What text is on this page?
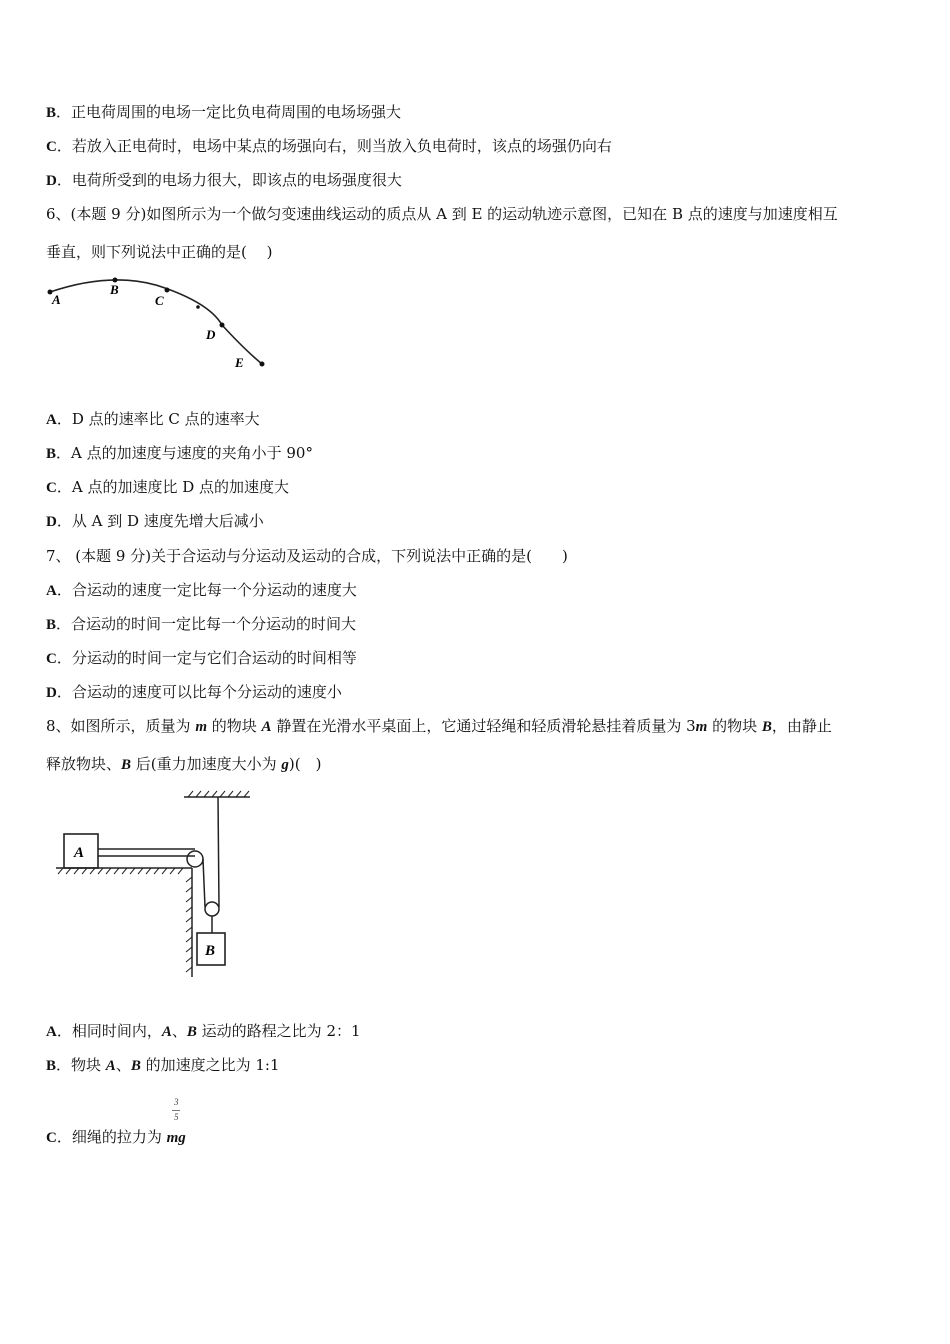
B．正电荷周围的电场一定比负电荷周围的电场场强大
C．若放入正电荷时，电场中某点的场强向右，则当放入负电荷时，该点的场强仍向右
D．电荷所受到的电场力很大，即该点的电场强度很大
6、(本题 9 分)如图所示为一个做匀变速曲线运动的质点从 A 到 E 的运动轨迹示意图，已知在 B 点的速度与加速度相互
垂直，则下列说法中正确的是(　 )
A
B
C
D
E
A．D 点的速率比 C 点的速率大
B．A 点的加速度与速度的夹角小于 90°
C．A 点的加速度比 D 点的加速度大
D．从 A 到 D 速度先增大后减小
7、 (本题 9 分)关于合运动与分运动及运动的合成，下列说法中正确的是(　　)
A．合运动的速度一定比每一个分运动的速度大
B．合运动的时间一定比每一个分运动的时间大
C．分运动的时间一定与它们合运动的时间相等
D．合运动的速度可以比每个分运动的速度小
8、如图所示，质量为 m 的物块 A 静置在光滑水平桌面上，它通过轻绳和轻质滑轮悬挂着质量为 3m 的物块 B，由静止
释放物块、B 后(重力加速度大小为 g)(　)
A
B
A．相同时间内，A、B 运动的路程之比为 2：1
B．物块 A、B 的加速度之比为 1:1
3
5
C．细绳的拉力为 mg
